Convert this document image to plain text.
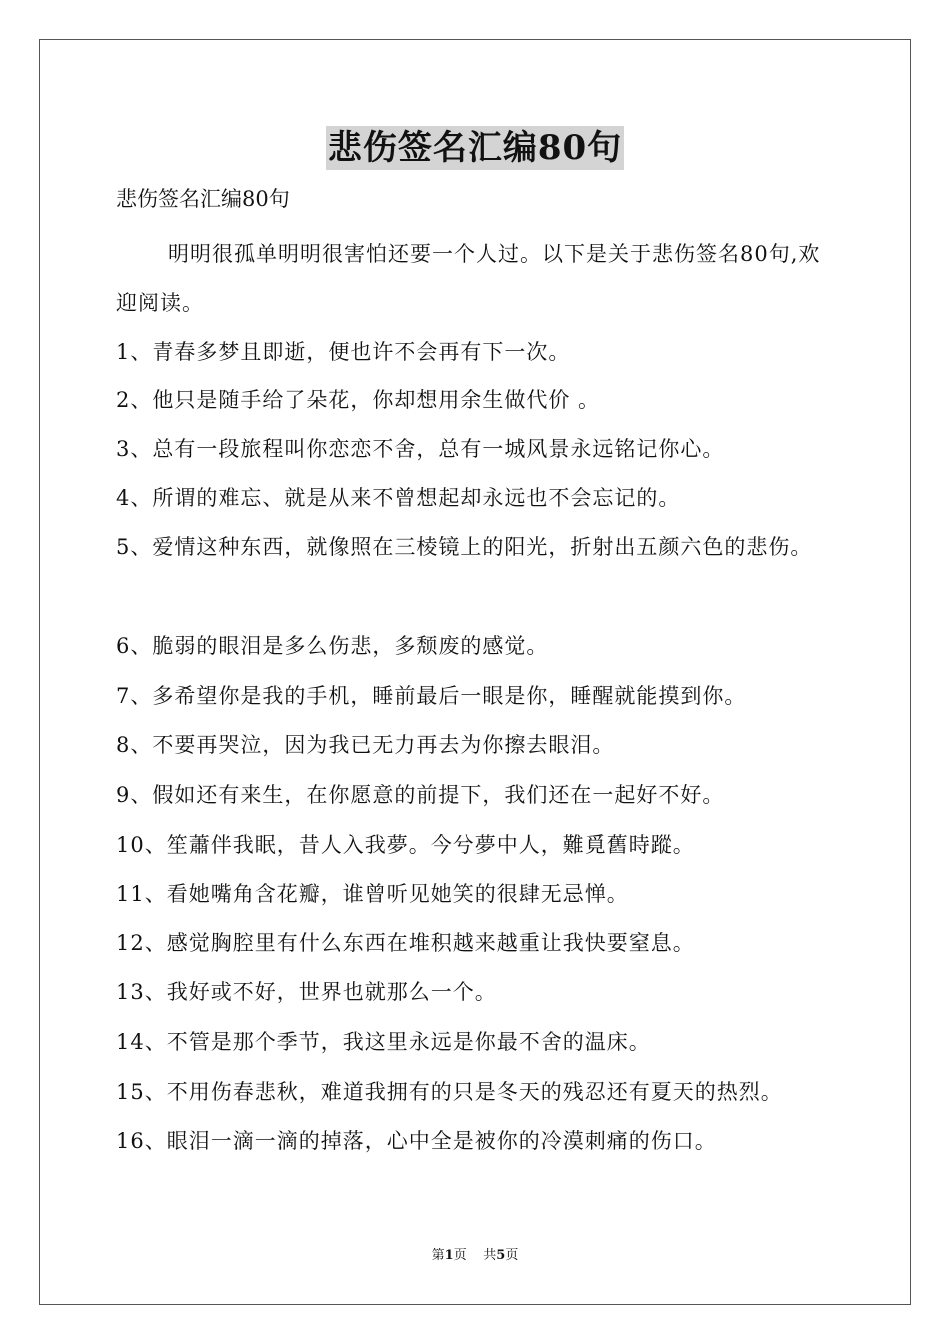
悲伤签名汇编80句
悲伤签名汇编80句
明明很孤单明明很害怕还要一个人过。以下是关于悲伤签名80句,欢迎阅读。
1、青春多梦且即逝，便也许不会再有下一次。
2、他只是随手给了朵花，你却想用余生做代价 。
3、总有一段旅程叫你恋恋不舍，总有一城风景永远铭记你心。
4、所谓的难忘、就是从来不曾想起却永远也不会忘记的。
5、爱情这种东西，就像照在三棱镜上的阳光，折射出五颜六色的悲伤。
6、脆弱的眼泪是多么伤悲，多颓废的感觉。
7、多希望你是我的手机，睡前最后一眼是你，睡醒就能摸到你。
8、不要再哭泣，因为我已无力再去为你擦去眼泪。
9、假如还有来生，在你愿意的前提下，我们还在一起好不好。
10、笙蕭伴我眠，昔人入我夢。今兮夢中人，難覓舊時蹤。
11、看她嘴角含花瓣，谁曾听见她笑的很肆无忌惮。
12、感觉胸腔里有什么东西在堆积越来越重让我快要窒息。
13、我好或不好，世界也就那么一个。
14、不管是那个季节，我这里永远是你最不舍的温床。
15、不用伤春悲秋，难道我拥有的只是冬天的残忍还有夏天的热烈。
16、眼泪一滴一滴的掉落，心中全是被你的冷漠刺痛的伤口。
第1页 共5页
